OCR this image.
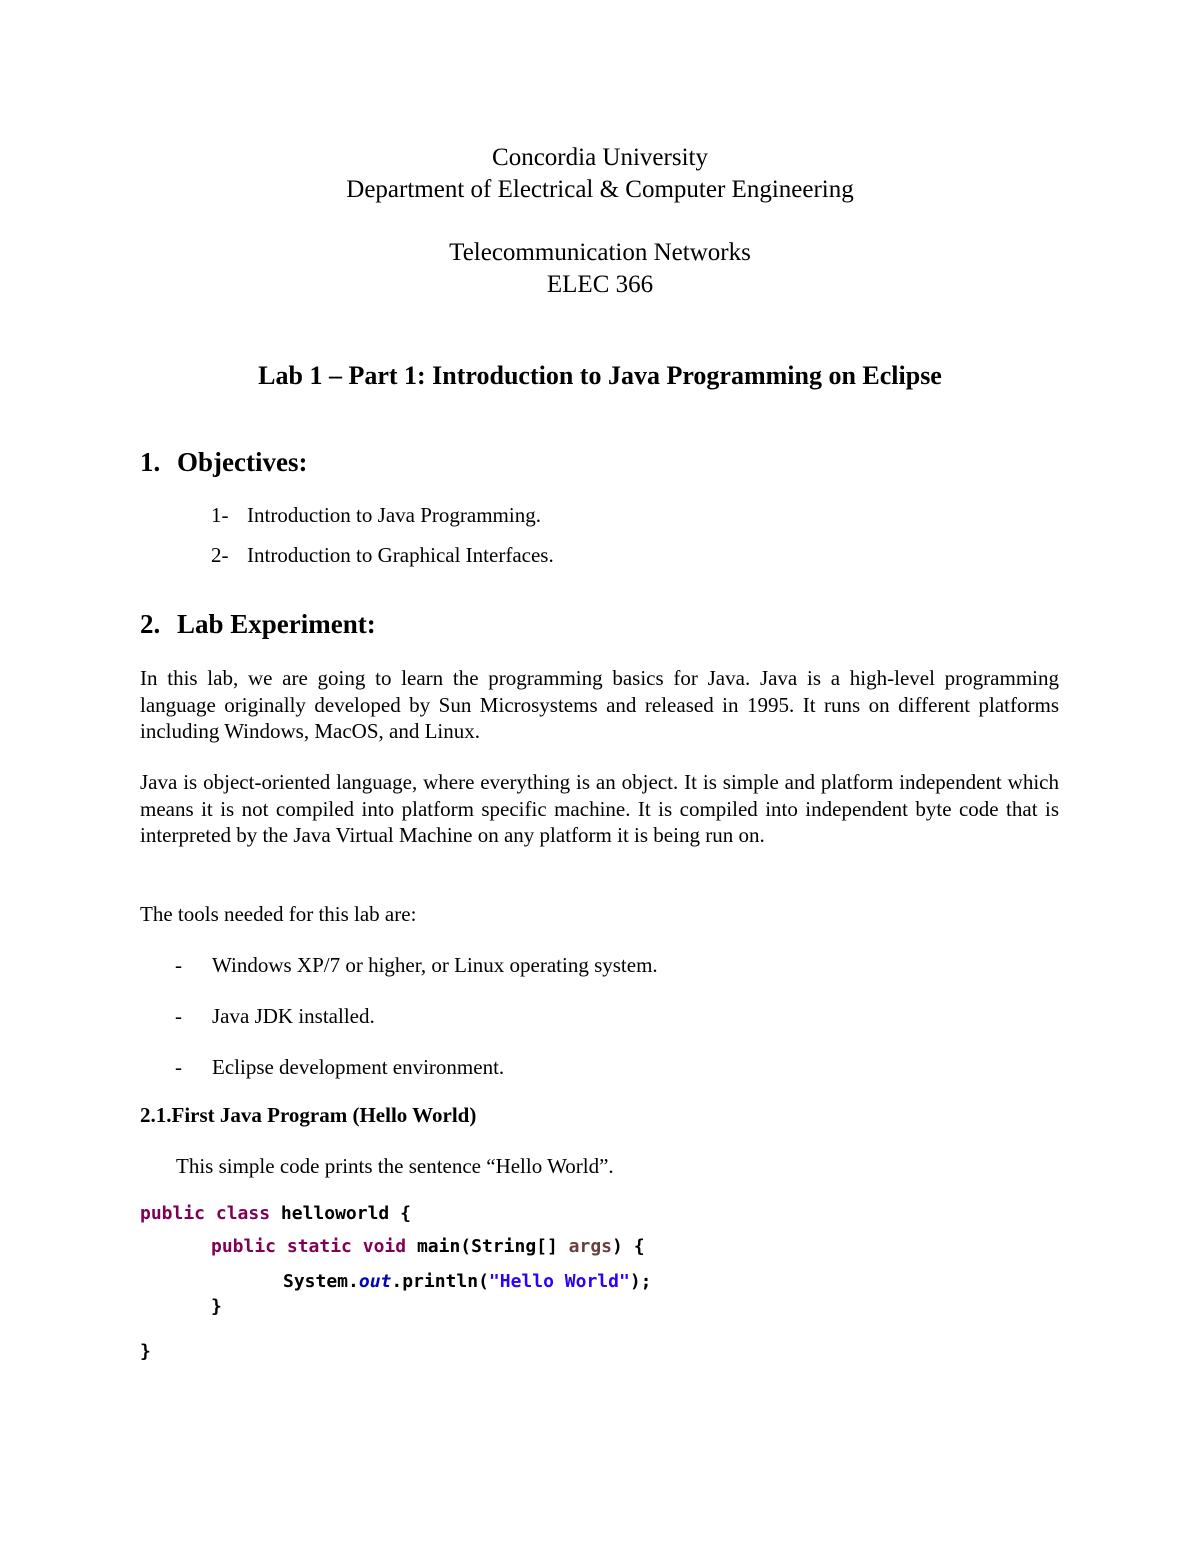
Concordia University
Department of Electrical & Computer Engineering
Telecommunication Networks
ELEC 366
Lab 1 – Part 1: Introduction to Java Programming on Eclipse
1. Objectives:
1- Introduction to Java Programming.
2- Introduction to Graphical Interfaces.
2. Lab Experiment:

In this lab, we are going to learn the programming basics for Java. Java is a high-level programming language originally developed by Sun Microsystems and released in 1995. It runs on different platforms including Windows, MacOS, and Linux.

Java is object-oriented language, where everything is an object. It is simple and platform independent which means it is not compiled into platform specific machine. It is compiled into independent byte code that is interpreted by the Java Virtual Machine on any platform it is being run on.

The tools needed for this lab are:
- Windows XP/7 or higher, or Linux operating system.
- Java JDK installed.
- Eclipse development environment.
2.1.First Java Program (Hello World)
This simple code prints the sentence “Hello World”.
public class helloworld {
public static void main(String[] args) {
System.out.println("Hello World");
}
}
